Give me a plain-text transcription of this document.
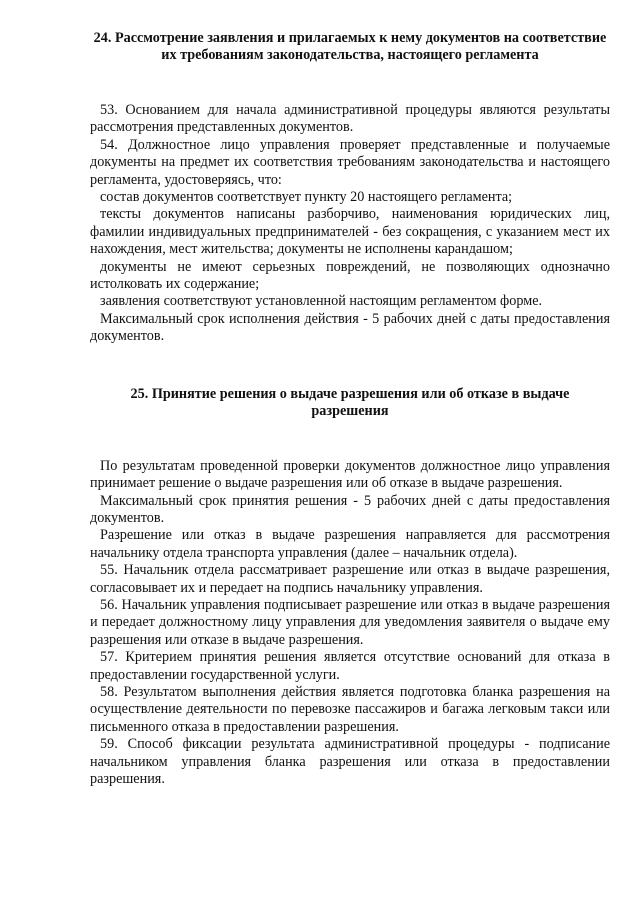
24. Рассмотрение заявления и прилагаемых к нему документов на соответствие
их требованиям законодательства, настоящего регламента

53. Основанием для начала административной процедуры являются результаты рассмотрения представленных документов.

54. Должностное лицо управления проверяет представленные и получаемые документы на предмет их соответствия требованиям законодательства и настоящего регламента, удостоверяясь, что:

состав документов соответствует пункту 20 настоящего регламента;

тексты документов написаны разборчиво, наименования юридических лиц, фамилии индивидуальных предпринимателей - без сокращения, с указанием мест их нахождения, мест жительства; документы не исполнены карандашом;

документы не имеют серьезных повреждений, не позволяющих однозначно истолковать их содержание;

заявления соответствуют установленной настоящим регламентом форме.

Максимальный срок исполнения действия - 5 рабочих дней с даты предоставления документов.

25. Принятие решения о выдаче разрешения или об отказе в выдаче
разрешения

По результатам проведенной проверки документов должностное лицо управления принимает решение о выдаче разрешения или об отказе в выдаче разрешения.

Максимальный срок принятия решения - 5 рабочих дней с даты предоставления документов.

Разрешение или отказ в выдаче разрешения направляется для рассмотрения начальнику отдела транспорта управления (далее – начальник отдела).

55. Начальник отдела рассматривает разрешение или отказ в выдаче разрешения, согласовывает их и передает на подпись начальнику управления.

56. Начальник управления подписывает разрешение или отказ в выдаче разрешения и передает должностному лицу управления для уведомления заявителя о выдаче ему разрешения или отказе в выдаче разрешения.

57. Критерием принятия решения является отсутствие оснований для отказа в предоставлении государственной услуги.

58. Результатом выполнения действия является подготовка бланка разрешения на осуществление деятельности по перевозке пассажиров и багажа легковым такси или письменного отказа в предоставлении разрешения.

59. Способ фиксации результата административной процедуры - подписание начальником управления бланка разрешения или отказа в предоставлении разрешения.
